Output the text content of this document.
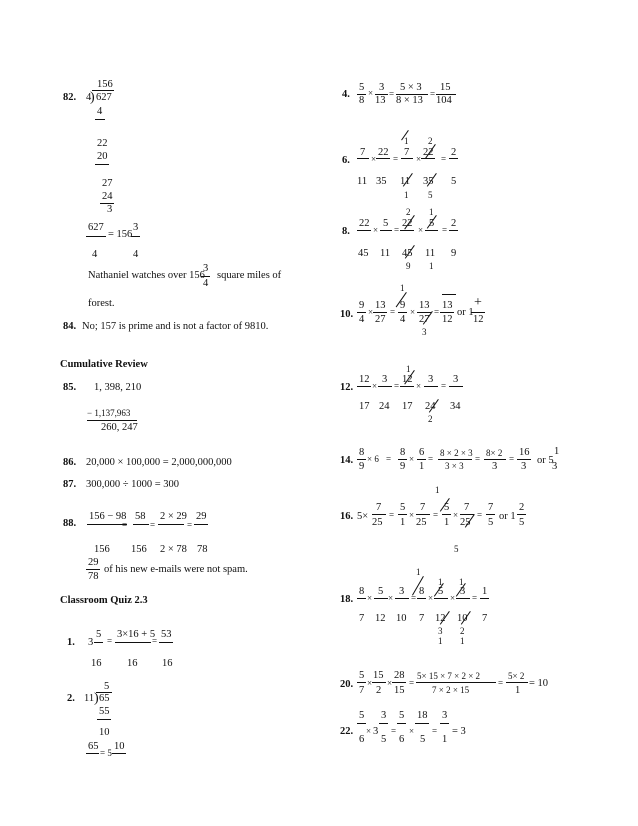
82.
156
4
) 627
4
22
20
27
24
3
627
4
= 156
3
4
Nathaniel watches over 156
3
4
square miles of
forest.
84. No; 157 is prime and is not a factor of 9810.
Cumulative Review
85. 1, 398, 210
− 1,137,963
260, 247
86. 20,000 × 100,000 = 2,000,000,000
87. 300,000 ÷ 1000 = 300
88.
156 − 98
156
=
58
156
=
2 × 29
2 × 78
=
29
78
29
78
of his new e-mails were not spam.
Classroom Quiz 2.3
1. 3
5
16
=
3×16 + 5
16
=
53
16
2.
5
11 ) 65
55
10
65
= 5
10
4.
5
8
× 3
13
=
5 × 3
8 × 13
=
15
104
6.
7
11
×
22
35
=
1
7
11
1
×
2
22
35
5
=
2
5
8.
22
45
×
5
11
=
2
22
45
9
×
1
5
11
1
=
2
9
10.
9
4
×
13
27
=
1
9
4
×
13
27
3
=
13
12
or 1
+
12
12.
12
17
×
3
24
=
1
12
17
×
3
24
2
=
3
34
14.
8
9
× 6 =
8
9
×
6
1
=
8 × 2 × 3
3 × 3
=
8× 2
3
=
16
3
or 5
1
3
16.
1
5×
7
25
=
5
1
×
7
25
=
5
1
×
7
25
5
=
7
5
or 1
2
5
18.
1
1 1
8
7
×
5
12
×
3
10
=
8
7
×
5
12
3
1
×
3
10
2
1
=
1
7
20.
5
7
×
15
2
×
28
15
=
5× 15 × 7 × 2 × 2
7 × 2 × 15
=
5× 2
1
= 10
22.
5
6
× 3
3
5
=
5
6
×
18
5
=
3
1
= 3
